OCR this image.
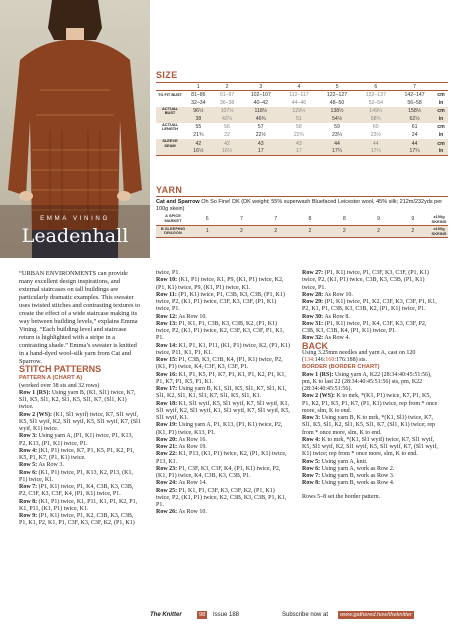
EMMA VINING
Leadenhall
SIZE
	1	2	3	4	5	6	7	
TO FIT BUST	81–86	91–97	102–107	112–117	122–127	132–137	142–147	cm
	32–34	36–38	40–42	44–46	48–50	52–54	56–58	in
ACTUAL BUST	96½	107½	118½	129½	138½	149½	158½	cm
	38	42¼	46¾	51	54½	58¾	62½	in
ACTUAL LENGTH	55	56	57	58	59	60	61	cm
	21¾	22	22½	22¾	23¼	23½	24	in
SLEEVE SEAM	42	42	43	43	44	44	44	cm
	16½	16½	17	17	17¼	17¼	17¼	in
YARN
Cat and Sparrow Oh So Fine! DK (DK weight; 55% superwash Bluefaced Leicester wool, 45% silk; 212m/232yds per 100g skein)
A SPICE MARKET	6	7	7	8	8	9	9	x100g SKEINS
B SLEEPING DRAGON	1	2	2	2	2	2	2	x100g SKEINS

“URBAN ENVIRONMENTS can provide many excellent design inspirations, and external staircases on tall buildings are particularly dramatic examples. This sweater uses twisted stitches and contrasting textures to create the effect of a wide staircase making its way between building levels,” explains Emma Vining. “Each building level and staircase return is highlighted with a stripe in a contrasting shade.” Emma’s sweater is knitted in a hand-dyed wool-silk yarn from Cat and Sparrow.

STITCH PATTERNS

PATTERN A (CHART A)

(worked over 38 sts and 32 rows)

Row 1 (RS): Using yarn B, (K1, Sl1) twice, K7, Sl1, K5, Sl1, K2, Sl1, K5, Sl1, K7, (Sl1, K1) twice.

Row 2 (WS): (K1, Sl1 wyif) twice, K7, Sl1 wyif, K5, Sl1 wyif, K2, Sl1 wyif, K5, Sl1 wyif, K7, (Sl1 wyif, K1) twice.

Row 3: Using yarn A, (P1, K1) twice, P1, K13, P2, K13, (P1, K1) twice, P1.

Row 4: (K1, P1) twice, K7, P1, K5, P1, K2, P1, K5, P1, K7, (P1, K1) twice.

Row 5: As Row 3.

Row 6: (K1, P1) twice, P1, K13, K2, P13, (K1, P1) twice, K1.

Row 7: (P1, K1) twice, P1, K4, C3B, K3, C3B, P2, C3F, K3, C3F, K4, (P1, K1) twice, P1.

Row 8: (K1, P1) twice, K1, P11, K1, P1, K2, P1, K1, P11, (K1, P1) twice, K1.

Row 9: (P1, K1) twice, P1, K2, C3B, K3, C3B, P1, K1, P2, K1, P1, C3F, K3, C3F, K2, (P1, K1)

twice, P1.

Row 10: (K1, P1) twice, K1, P9, (K1, P1) twice, K2, (P1, K1) twice, P9, (K1, P1) twice, K1.

Row 11: (P1, K1) twice, P1, C3B, K3, C3B, (P1, K1) twice, P2, (K1, P1) twice, C3F, K3, C3F, (P1, K1) twice, P1.

Row 12: As Row 10.

Row 13: P1, K1, P1, C3B, K3, C3B, K2, (P1, K1) twice, P2, (K1, P1) twice, K2, C3F, K3, C3F, P1, K1, P1.

Row 14: K1, P1, K1, P11, (K1, P1) twice, K2, (P1, K1) twice, P11, K1, P1, K1.

Row 15: P1, C3B, K3, C3B, K4, (P1, K1) twice, P2, (K1, P1) twice, K4, C3F, K3, C3F, P1.

Row 16: K1, P1, K5, P1, K7, P1, K1, P1, K2, P1, K1, P1, K7, P1, K5, P1, K1.

Row 17: Using yarn B, K1, Sl1, K5, Sl1, K7, Sl1, K1, Sl1, K2, Sl1, K1, Sl1, K7, Sl1, K5, Sl1, K1.

Row 18: K1, Sl1 wyif, K5, Sl1 wyif, K7, Sl1 wyif, K1, Sl1 wyif, K2, Sl1 wyif, K1, Sl1 wyif, K7, Sl1 wyif, K5, Sl1 wyif, K1.

Row 19: Using yarn A, P1, K13, (P1, K1) twice, P2, (K1, P1) twice, K13, P1.

Row 20: As Row 16.

Row 21: As Row 19.

Row 22: K1, P13, (K1, P1) twice, K2, (P1, K1) twice, P13, K1.

Row 23: P1, C3F, K3, C3F, K4, (P1, K1) twice, P2, (K1, P1) twice, K4, C3B, K3, C3B, P1.

Row 24: As Row 14.

Row 25: P1, K1, P1, C3F, K3, C3F, K2, (P1, K1) twice, P2, (K1, P1) twice, K2, C3B, K3, C3B, P1, K1, P1.

Row 26: As Row 10.

Row 27: (P1, K1) twice, P1, C3F, K3, C3F, (P1, K1) twice, P2, (K1, P1) twice, C3B, K3, C3B, (P1, K1) twice, P1.

Row 28: As Row 10.

Row 29: (P1, K1) twice, P1, K2, C3F, K3, C3F, P1, K1, P2, K1, P1, C3B, K3, C3B, K2, (P1, K1) twice, P1.

Row 30: As Row 8.

Row 31: (P1, K1) twice, P1, K4, C3F, K3, C3F, P2, C3B, K3, C3B, K4, (P1, K1) twice, P1.

Row 32: As Row 4.

BACK

Using 3.25mm needles and yarn A, cast on 120 (134:146:160:176:188) sts.

BORDER (BORDER CHART)

Row 1 (RS): Using yarn A, K22 (28:34:40:45:51:56), pm, K to last 22 (28:34:40:45:51:56) sts, pm, K22 (28:34:40:45:51:56).

Row 2 (WS): K to mrk, *(K1, P1) twice, K7, P1, K5, P1, K2, P1, K5, P1, K7, (P1, K1) twice, rep from * once more, slm, K to end.

Row 3: Using yarn B, K to mrk, *(K1, Sl1) twice, K7, Sl1, K5, Sl1, K2, Sl1, K5, Sl1, K7, (Sl1, K1) twice; rep from * once more, slm, K to end.

Row 4: K to mrk, *(K1, Sl1 wyif) twice, K7, Sl1 wyif, K5, Sl1 wyif, K2, Sl1 wyif, K5, Sl1 wyif, K7, (Sl1 wyif, K1) twice; rep from * once more, slm, K to end.

Row 5: Using yarn A, knit.

Row 6: Using yarn A, work as Row 2.

Row 7: Using yarn B, work as Row 3.

Row 8: Using yarn B, work as Row 4.

Rows 5–8 set the border pattern.

The Knitter	98	Issue 188	Subscribe now at	www.gathered.how/theknitter
